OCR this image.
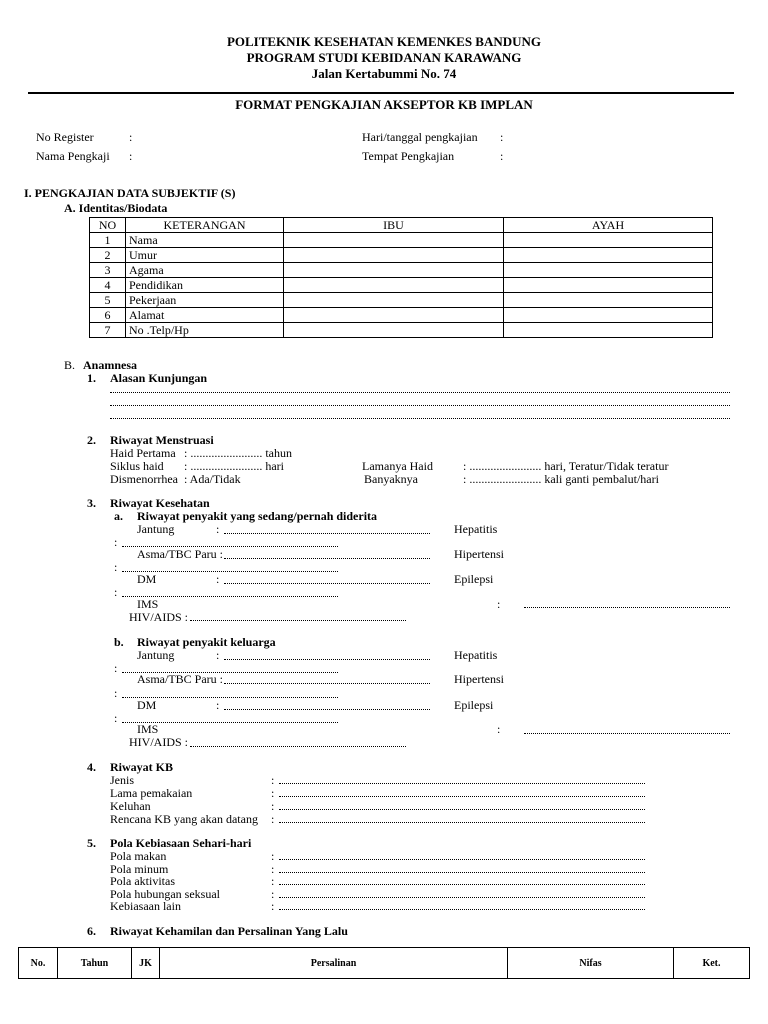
POLITEKNIK KESEHATAN KEMENKES BANDUNG
PROGRAM STUDI KEBIDANAN KARAWANG
Jalan Kertabummi No. 74
FORMAT PENGKAJIAN AKSEPTOR KB IMPLAN
No Register	:
Nama Pengkaji :
Hari/tanggal pengkajian :
Tempat Pengkajian	:
I. PENGKAJIAN DATA SUBJEKTIF (S)
A. Identitas/Biodata
NO	KETERANGAN	IBU	AYAH
1	Nama		
2	Umur		
3	Agama		
4	Pendidikan		
5	Pekerjaan		
6	Alamat		
7	No .Telp/Hp		
B. Anamnesa
1. Alasan Kunjungan
2. Riwayat Menstruasi
Haid Pertama : ........................ tahun
Siklus haid : ........................ hari
Dismenorrhea : Ada/Tidak
Lamanya Haid	: ........................ hari, Teratur/Tidak teratur
Banyaknya	: ........................ kali ganti pembalut/hari
3. Riwayat Kesehatan
a. Riwayat penyakit yang sedang/pernah diderita
Jantung	:	Hepatitis
:
Asma/TBC Paru :	Hipertensi
:
DM	:	Epilepsi
:
IMS	:
HIV/AIDS :
b. Riwayat penyakit keluarga
Jantung	:	Hepatitis
:
Asma/TBC Paru :	Hipertensi
:
DM	:	Epilepsi
:
IMS	:
HIV/AIDS :
4. Riwayat KB
Jenis	:
Lama pemakaian	:
Keluhan	:
Rencana KB yang akan datang :
5. Pola Kebiasaan Sehari-hari
Pola makan	:
Pola minum	:
Pola aktivitas	:
Pola hubungan seksual	:
Kebiasaan lain	:
6. Riwayat Kehamilan dan Persalinan Yang Lalu
No.	Tahun	JK	Persalinan	Nifas	Ket.
